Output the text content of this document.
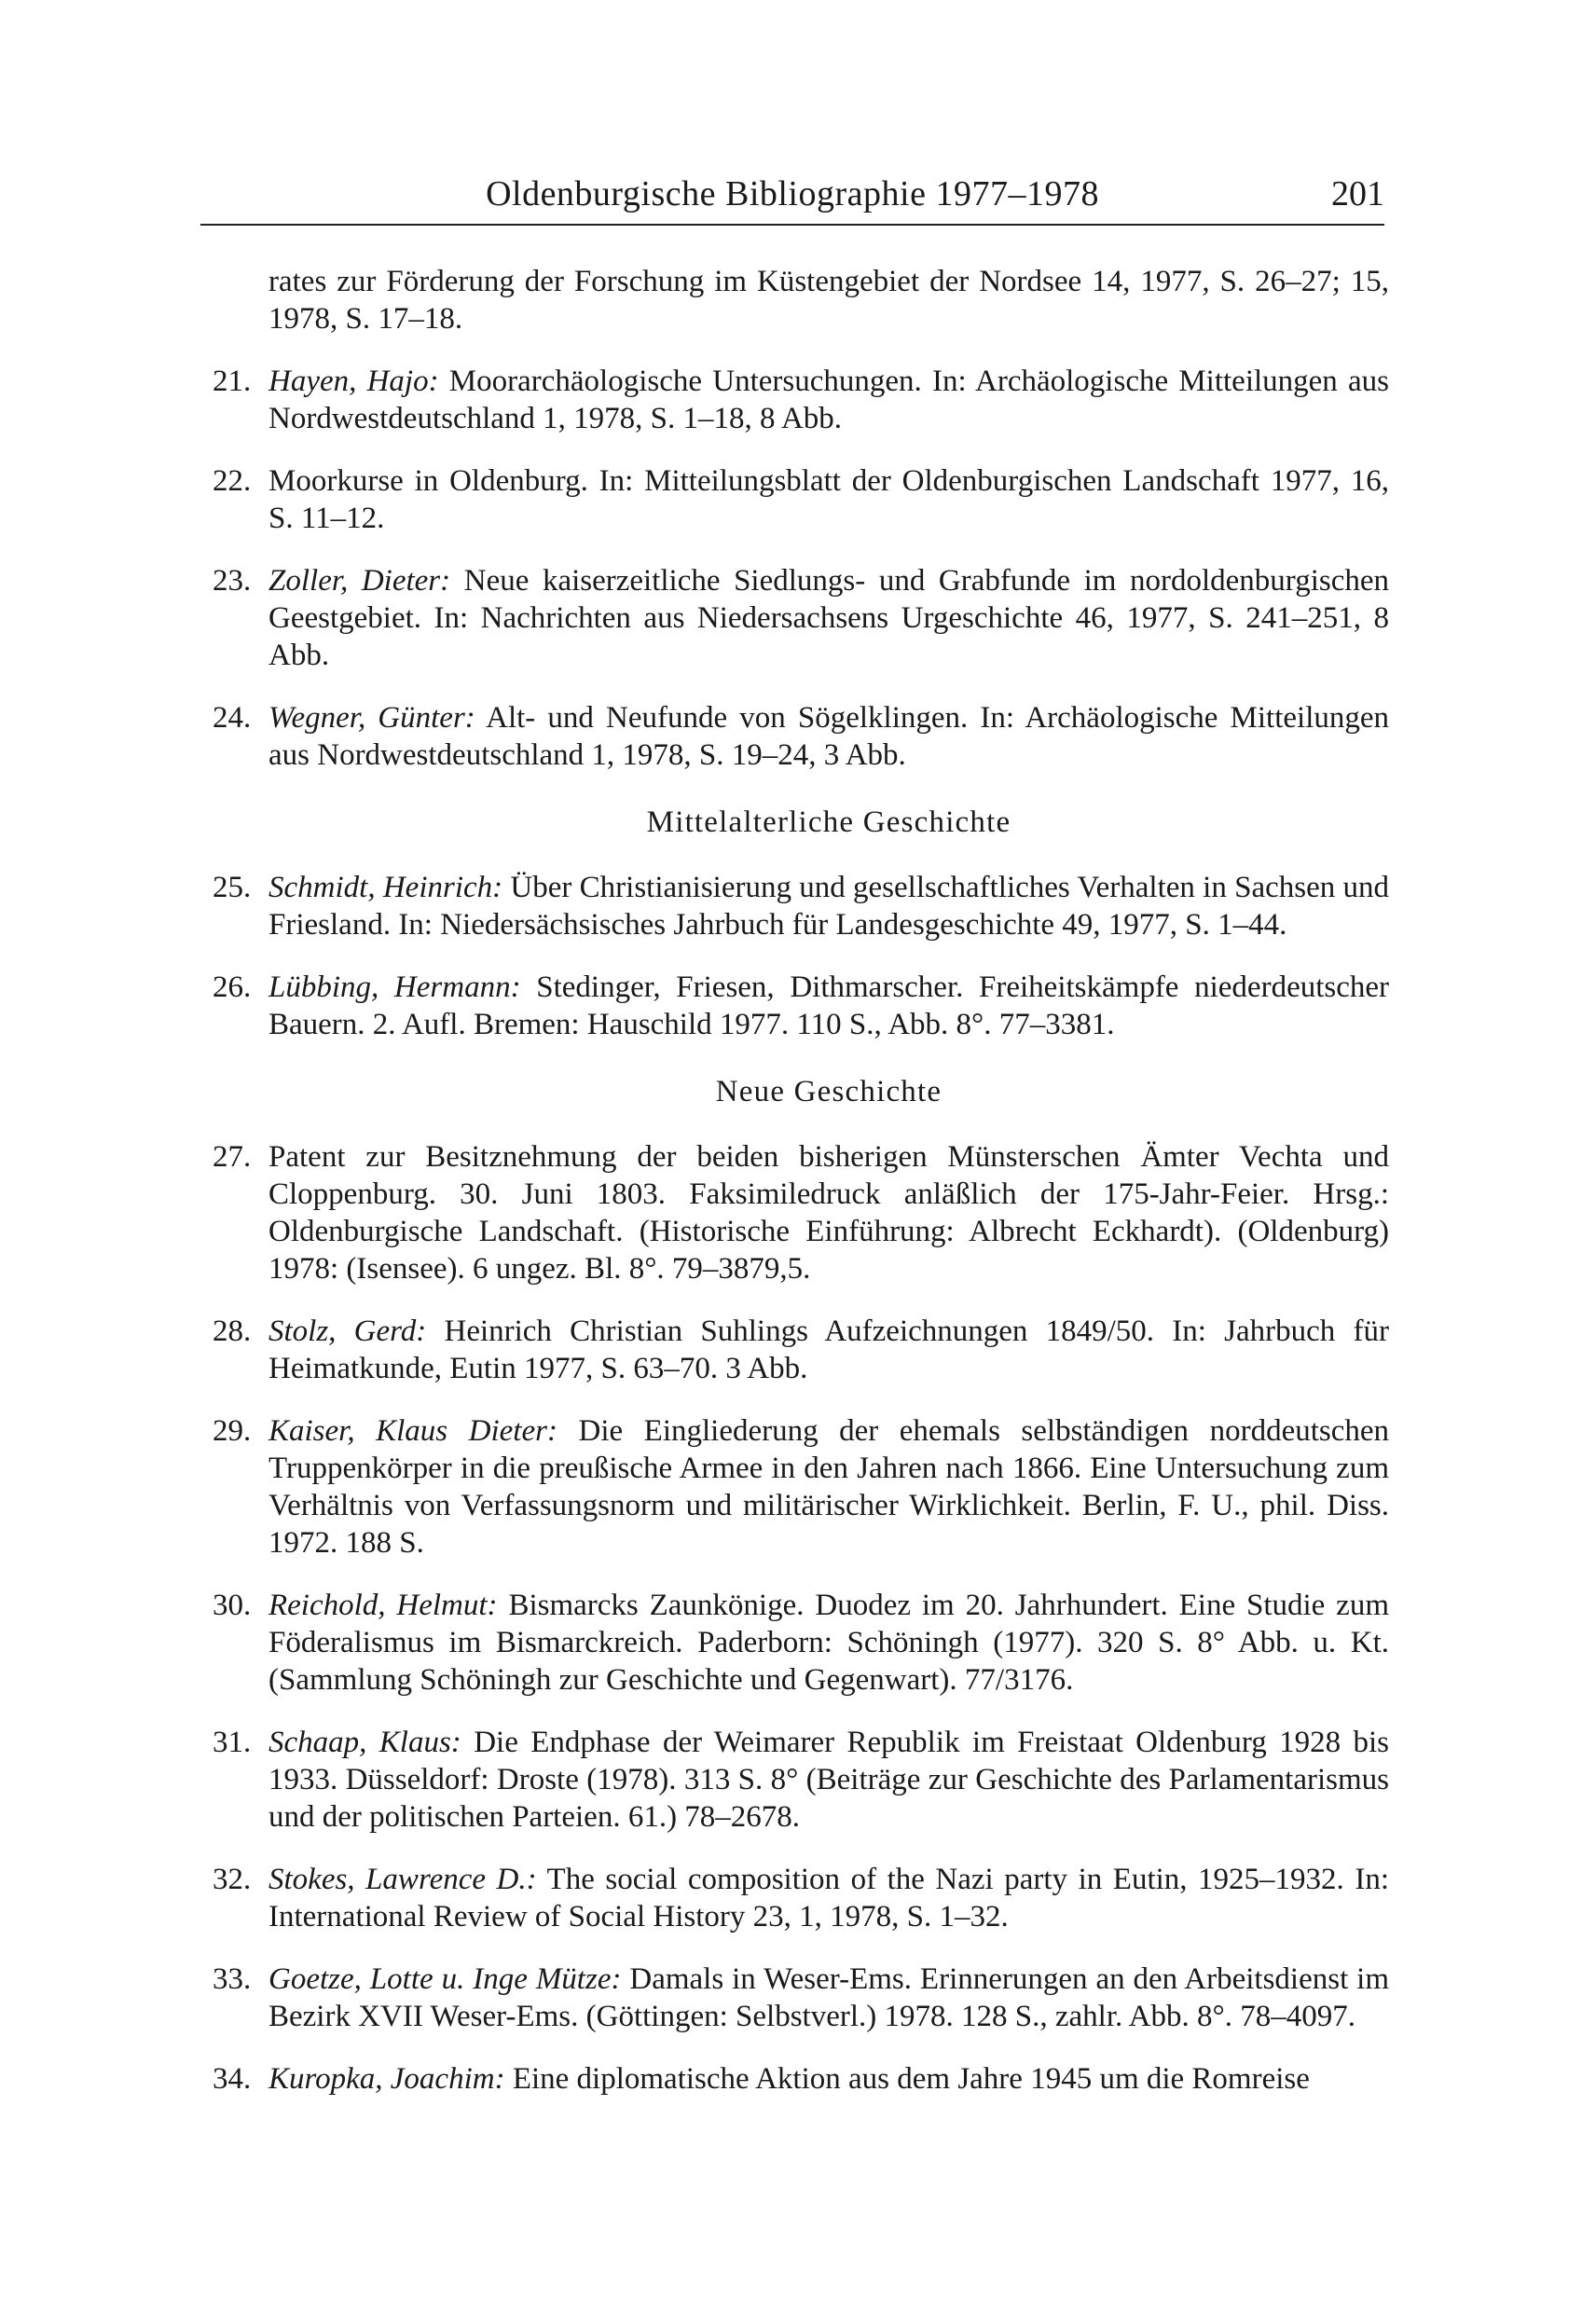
Oldenburgische Bibliographie 1977–1978	201
rates zur Förderung der Forschung im Küstengebiet der Nordsee 14, 1977, S. 26–27; 15, 1978, S. 17–18.
21. Hayen, Hajo: Moorarchäologische Untersuchungen. In: Archäologische Mitteilungen aus Nordwestdeutschland 1, 1978, S. 1–18, 8 Abb.
22. Moorkurse in Oldenburg. In: Mitteilungsblatt der Oldenburgischen Landschaft 1977, 16, S. 11–12.
23. Zoller, Dieter: Neue kaiserzeitliche Siedlungs- und Grabfunde im nordoldenburgischen Geestgebiet. In: Nachrichten aus Niedersachsens Urgeschichte 46, 1977, S. 241–251, 8 Abb.
24. Wegner, Günter: Alt- und Neufunde von Sögelklingen. In: Archäologische Mitteilungen aus Nordwestdeutschland 1, 1978, S. 19–24, 3 Abb.
Mittelalterliche Geschichte
25. Schmidt, Heinrich: Über Christianisierung und gesellschaftliches Verhalten in Sachsen und Friesland. In: Niedersächsisches Jahrbuch für Landesgeschichte 49, 1977, S. 1–44.
26. Lübbing, Hermann: Stedinger, Friesen, Dithmarscher. Freiheitskämpfe niederdeutscher Bauern. 2. Aufl. Bremen: Hauschild 1977. 110 S., Abb. 8°. 77–3381.
Neue Geschichte
27. Patent zur Besitznehmung der beiden bisherigen Münsterschen Ämter Vechta und Cloppenburg. 30. Juni 1803. Faksimiledruck anläßlich der 175-Jahr-Feier. Hrsg.: Oldenburgische Landschaft. (Historische Einführung: Albrecht Eckhardt). (Oldenburg) 1978: (Isensee). 6 ungez. Bl. 8°. 79–3879,5.
28. Stolz, Gerd: Heinrich Christian Suhlings Aufzeichnungen 1849/50. In: Jahrbuch für Heimatkunde, Eutin 1977, S. 63–70. 3 Abb.
29. Kaiser, Klaus Dieter: Die Eingliederung der ehemals selbständigen norddeutschen Truppenkörper in die preußische Armee in den Jahren nach 1866. Eine Untersuchung zum Verhältnis von Verfassungsnorm und militärischer Wirklichkeit. Berlin, F. U., phil. Diss. 1972. 188 S.
30. Reichold, Helmut: Bismarcks Zaunkönige. Duodez im 20. Jahrhundert. Eine Studie zum Föderalismus im Bismarckreich. Paderborn: Schöningh (1977). 320 S. 8° Abb. u. Kt. (Sammlung Schöningh zur Geschichte und Gegenwart). 77/3176.
31. Schaap, Klaus: Die Endphase der Weimarer Republik im Freistaat Oldenburg 1928 bis 1933. Düsseldorf: Droste (1978). 313 S. 8° (Beiträge zur Geschichte des Parlamentarismus und der politischen Parteien. 61.) 78–2678.
32. Stokes, Lawrence D.: The social composition of the Nazi party in Eutin, 1925–1932. In: International Review of Social History 23, 1, 1978, S. 1–32.
33. Goetze, Lotte u. Inge Mütze: Damals in Weser-Ems. Erinnerungen an den Arbeitsdienst im Bezirk XVII Weser-Ems. (Göttingen: Selbstverl.) 1978. 128 S., zahlr. Abb. 8°. 78–4097.
34. Kuropka, Joachim: Eine diplomatische Aktion aus dem Jahre 1945 um die Romreise
